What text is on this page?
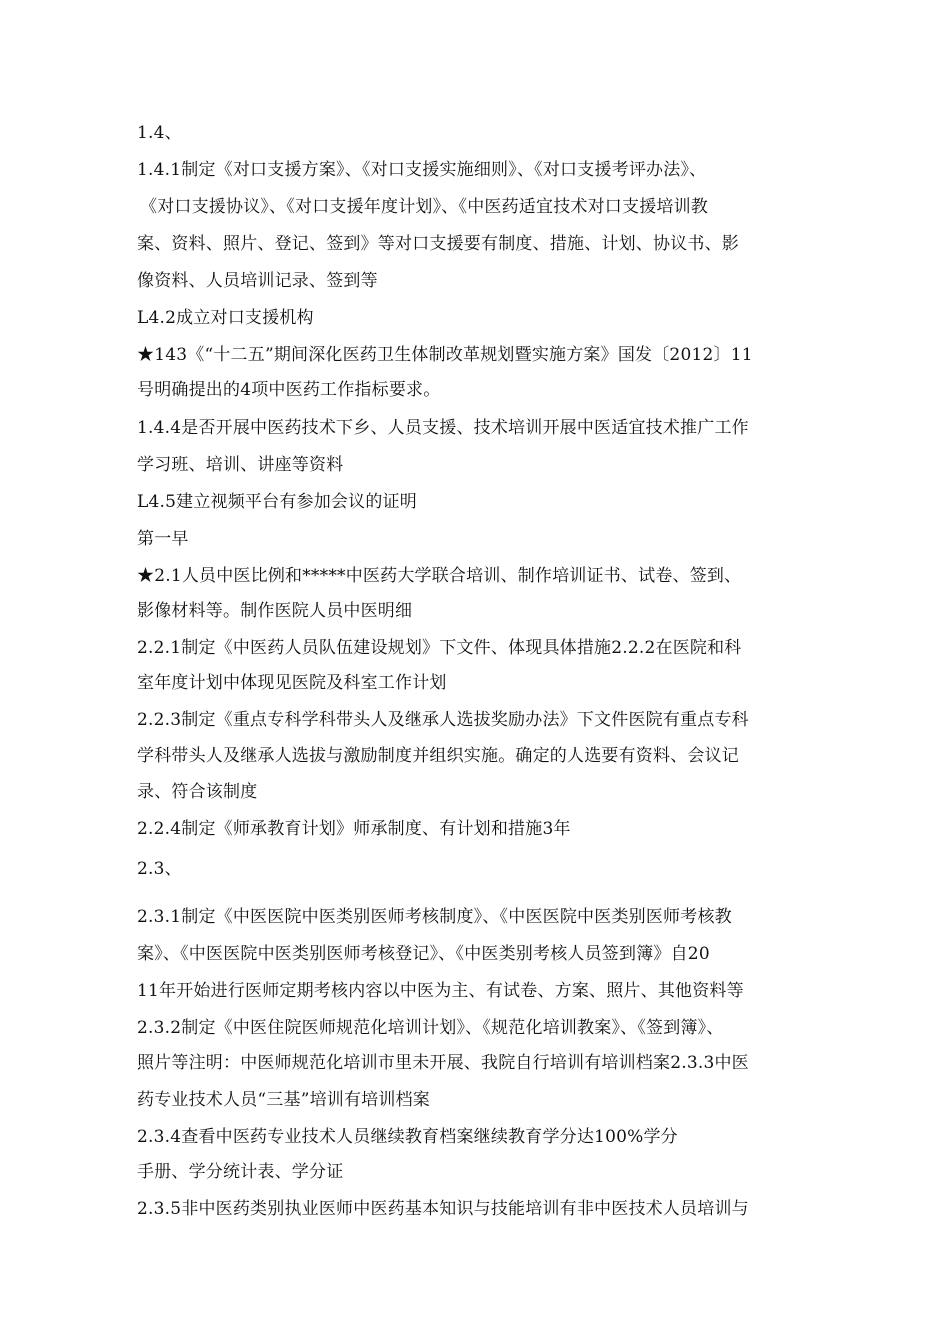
1.4、
1.4.1制定《对口支援方案》、《对口支援实施细则》、《对口支援考评办法》、
《对口支援协议》、《对口支援年度计划》、《中医药适宜技术对口支援培训教
案、资料、照片、登记、签到》等对口支援要有制度、措施、计划、协议书、影
像资料、人员培训记录、签到等
L4.2成立对口支援机构
★143《“十二五”期间深化医药卫生体制改革规划暨实施方案》国发〔2012〕11
号明确提出的4项中医药工作指标要求。
1.4.4是否开展中医药技术下乡、人员支援、技术培训开展中医适宜技术推广工作
学习班、培训、讲座等资料
L4.5建立视频平台有参加会议的证明
第一早
★2.1人员中医比例和*****中医药大学联合培训、制作培训证书、试卷、签到、
影像材料等。制作医院人员中医明细
2.2.1制定《中医药人员队伍建设规划》下文件、体现具体措施2.2.2在医院和科
室年度计划中体现见医院及科室工作计划
2.2.3制定《重点专科学科带头人及继承人选拔奖励办法》下文件医院有重点专科
学科带头人及继承人选拔与激励制度并组织实施。确定的人选要有资料、会议记
录、符合该制度
2.2.4制定《师承教育计划》师承制度、有计划和措施3年
2.3、
2.3.1制定《中医医院中医类别医师考核制度》、《中医医院中医类别医师考核教
案》、《中医医院中医类别医师考核登记》、《中医类别考核人员签到簿》自20
11年开始进行医师定期考核内容以中医为主、有试卷、方案、照片、其他资料等
2.3.2制定《中医住院医师规范化培训计划》、《规范化培训教案》、《签到簿》、
照片等注明：中医师规范化培训市里未开展、我院自行培训有培训档案2.3.3中医
药专业技术人员“三基”培训有培训档案
2.3.4查看中医药专业技术人员继续教育档案继续教育学分达100%学分
手册、学分统计表、学分证
2.3.5非中医药类别执业医师中医药基本知识与技能培训有非中医技术人员培训与
